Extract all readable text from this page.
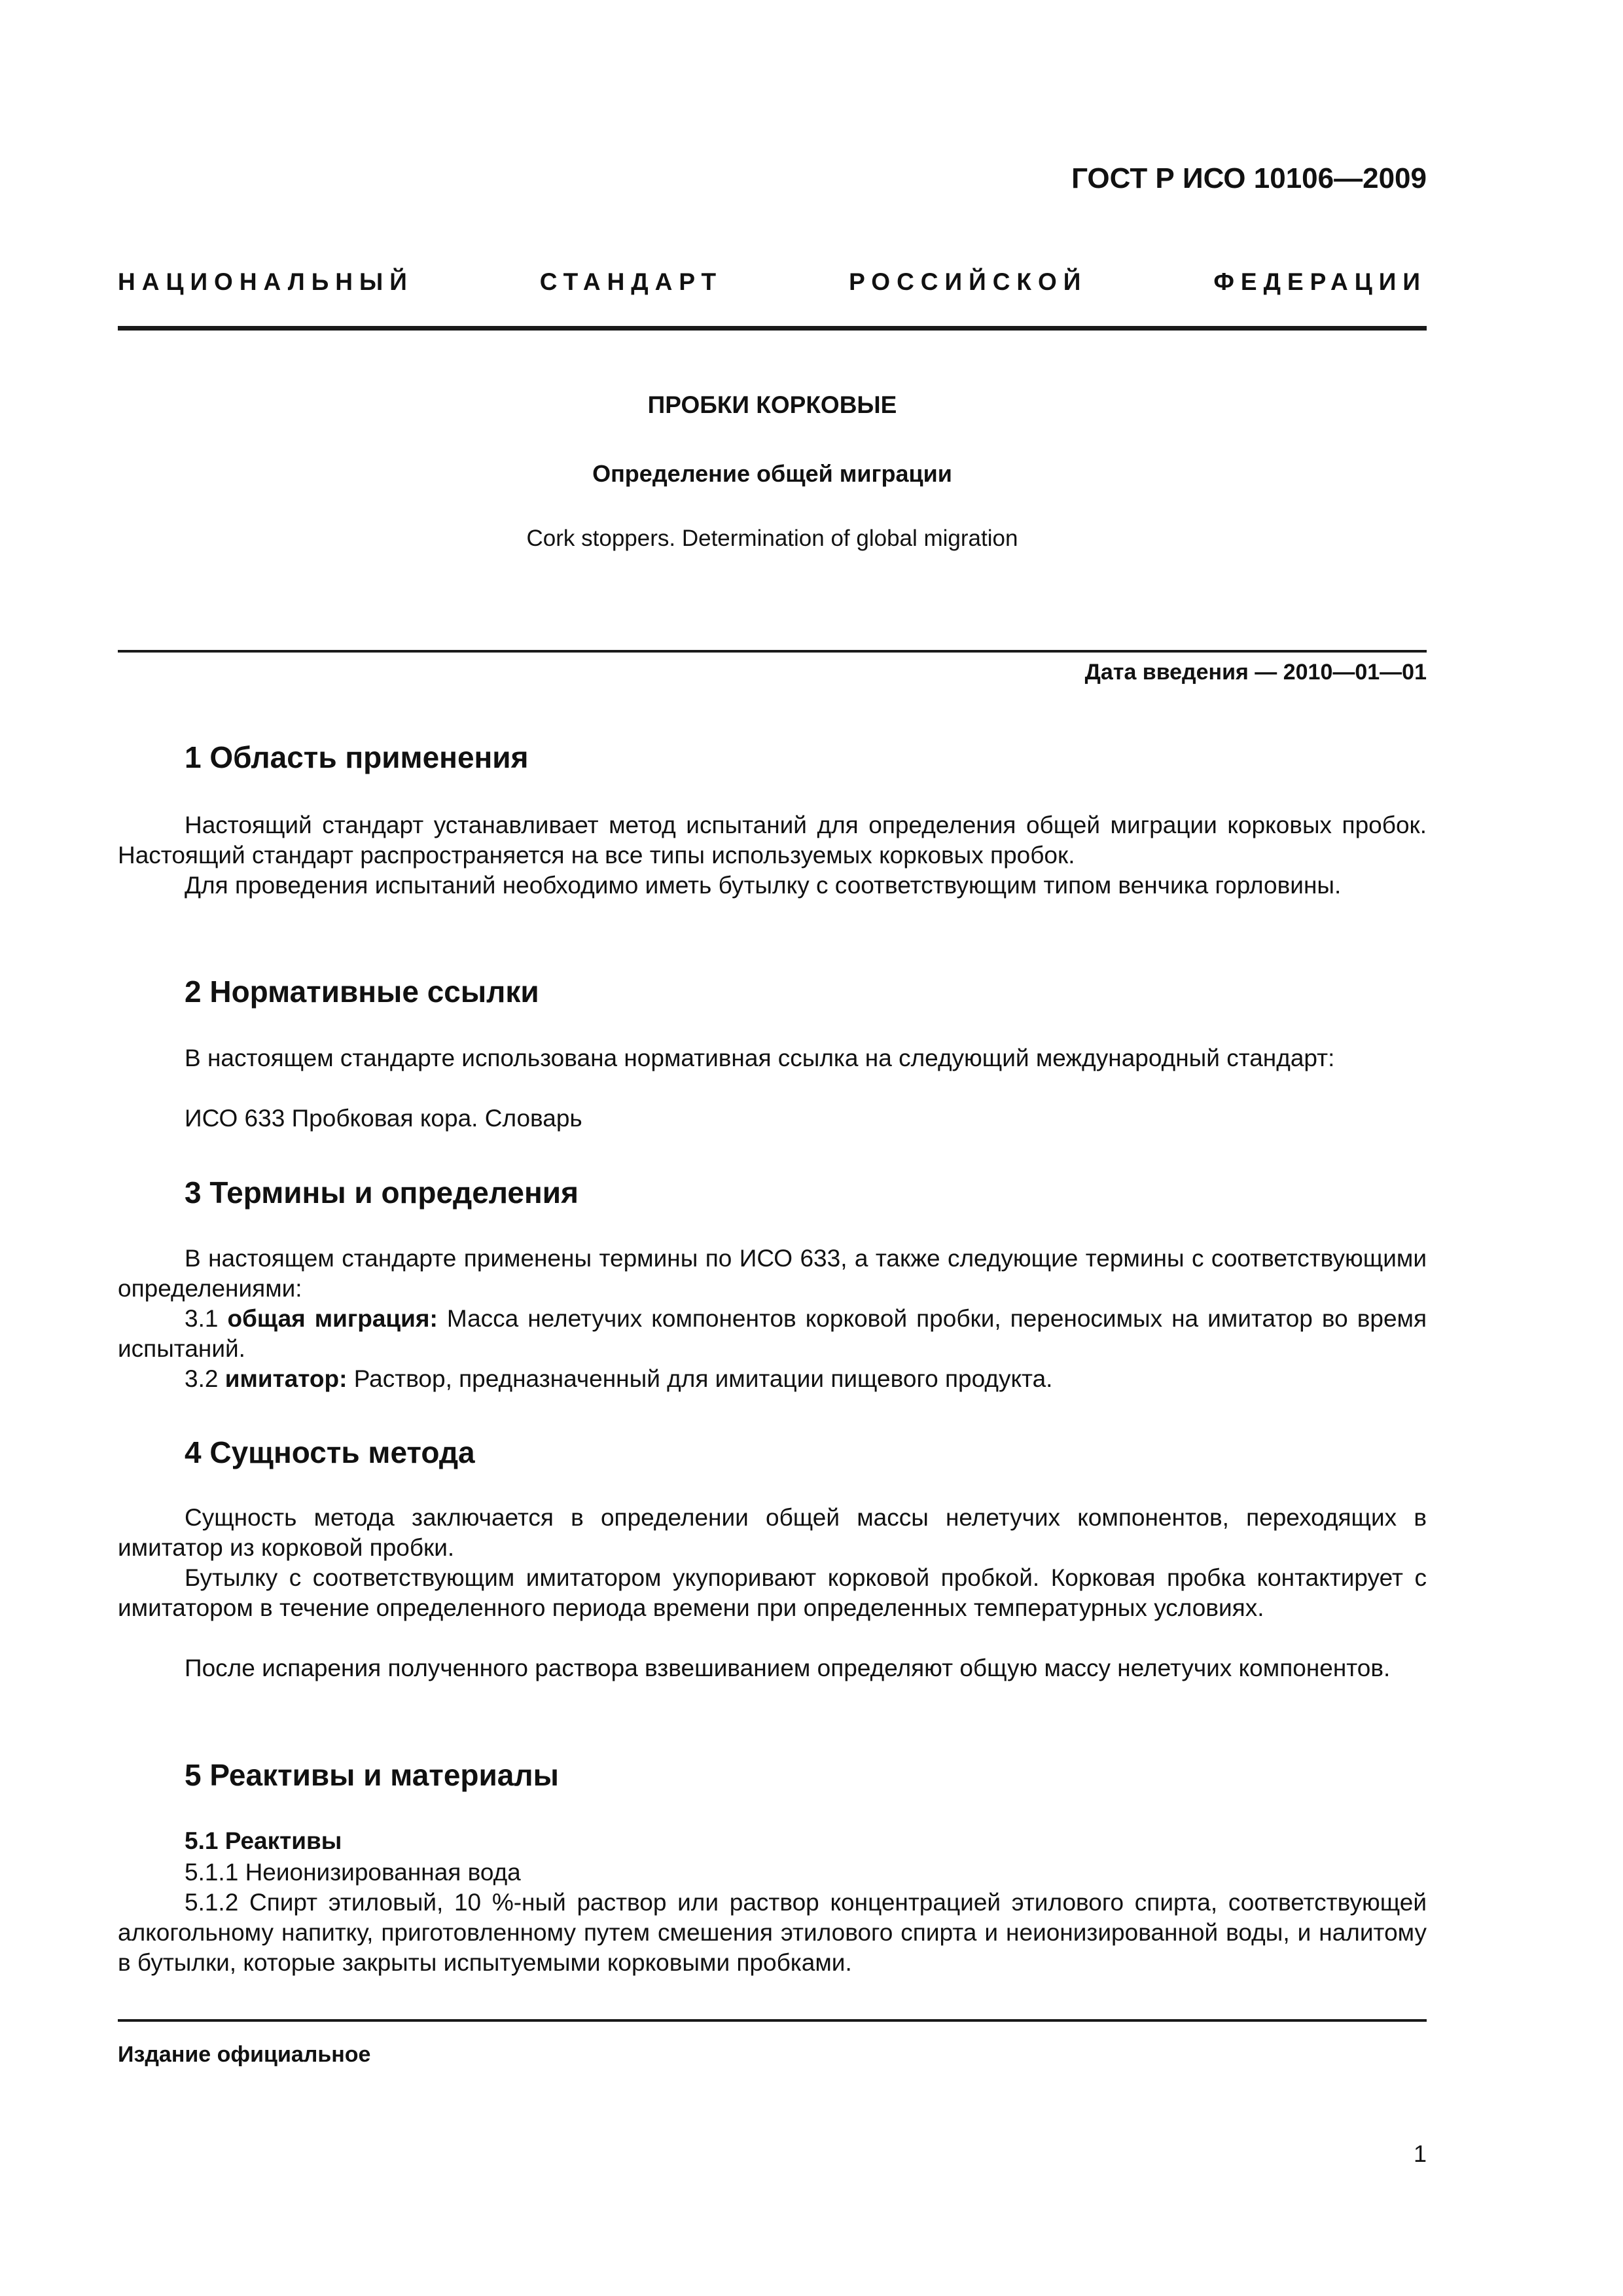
ГОСТ Р ИСО 10106—2009
НАЦИОНАЛЬНЫЙ СТАНДАРТ РОССИЙСКОЙ ФЕДЕРАЦИИ
ПРОБКИ КОРКОВЫЕ
Определение общей миграции
Cork stoppers. Determination of global migration
Дата введения — 2010—01—01
1 Область применения
Настоящий стандарт устанавливает метод испытаний для определения общей миграции корковых пробок. Настоящий стандарт распространяется на все типы используемых корковых пробок.
Для проведения испытаний необходимо иметь бутылку с соответствующим типом венчика горловины.
2 Нормативные ссылки
В настоящем стандарте использована нормативная ссылка на следующий международный стандарт:
ИСО 633 Пробковая кора. Словарь
3 Термины и определения
В настоящем стандарте применены термины по ИСО 633, а также следующие термины с соответствующими определениями:
3.1 общая миграция: Масса нелетучих компонентов корковой пробки, переносимых на имитатор во время испытаний.
3.2 имитатор: Раствор, предназначенный для имитации пищевого продукта.
4 Сущность метода
Сущность метода заключается в определении общей массы нелетучих компонентов, переходящих в имитатор из корковой пробки.
Бутылку с соответствующим имитатором укупоривают корковой пробкой. Корковая пробка контактирует с имитатором в течение определенного периода времени при определенных температурных условиях.
После испарения полученного раствора взвешиванием определяют общую массу нелетучих компонентов.
5 Реактивы и материалы
5.1 Реактивы
5.1.1 Неионизированная вода
5.1.2 Спирт этиловый, 10 %-ный раствор или раствор концентрацией этилового спирта, соответствующей алкогольному напитку, приготовленному путем смешения этилового спирта и неионизированной воды, и налитому в бутылки, которые закрыты испытуемыми корковыми пробками.
Издание официальное
1
